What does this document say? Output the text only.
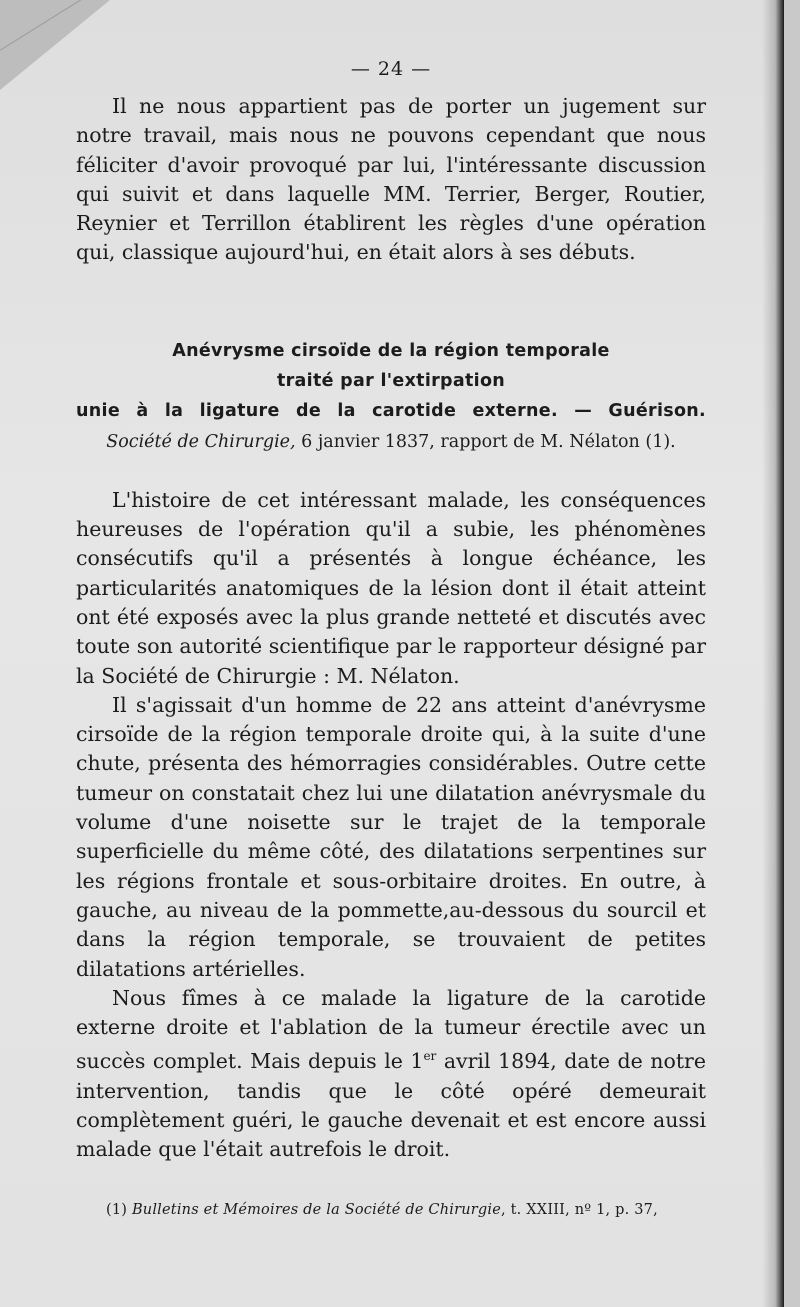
— 24 —

Il ne nous appartient pas de porter un jugement sur notre travail, mais nous ne pouvons cependant que nous féliciter d'avoir provoqué par lui, l'intéressante discussion qui suivit et dans laquelle MM. Terrier, Berger, Routier, Reynier et Terrillon établirent les règles d'une opération qui, classique aujourd'hui, en était alors à ses débuts.

Anévrysme cirsoïde de la région temporale
traité par l'extirpation
unie à la ligature de la carotide externe. — Guérison.
Société de Chirurgie, 6 janvier 1837, rapport de M. Nélaton (1).

L'histoire de cet intéressant malade, les conséquences heureuses de l'opération qu'il a subie, les phénomènes consécutifs qu'il a présentés à longue échéance, les particularités anatomiques de la lésion dont il était atteint ont été exposés avec la plus grande netteté et discutés avec toute son autorité scientifique par le rapporteur désigné par la Société de Chirurgie : M. Nélaton.

Il s'agissait d'un homme de 22 ans atteint d'anévrysme cirsoïde de la région temporale droite qui, à la suite d'une chute, présenta des hémorragies considérables. Outre cette tumeur on constatait chez lui une dilatation anévrysmale du volume d'une noisette sur le trajet de la temporale superficielle du même côté, des dilatations serpentines sur les régions frontale et sous-orbitaire droites. En outre, à gauche, au niveau de la pommette,au-dessous du sourcil et dans la région temporale, se trouvaient de petites dilatations artérielles.

Nous fîmes à ce malade la ligature de la carotide externe droite et l'ablation de la tumeur érectile avec un succès complet. Mais depuis le 1er avril 1894, date de notre intervention, tandis que le côté opéré demeurait complètement guéri, le gauche devenait et est encore aussi malade que l'était autrefois le droit.

(1) Bulletins et Mémoires de la Société de Chirurgie, t. XXIII, nº 1, p. 37,
